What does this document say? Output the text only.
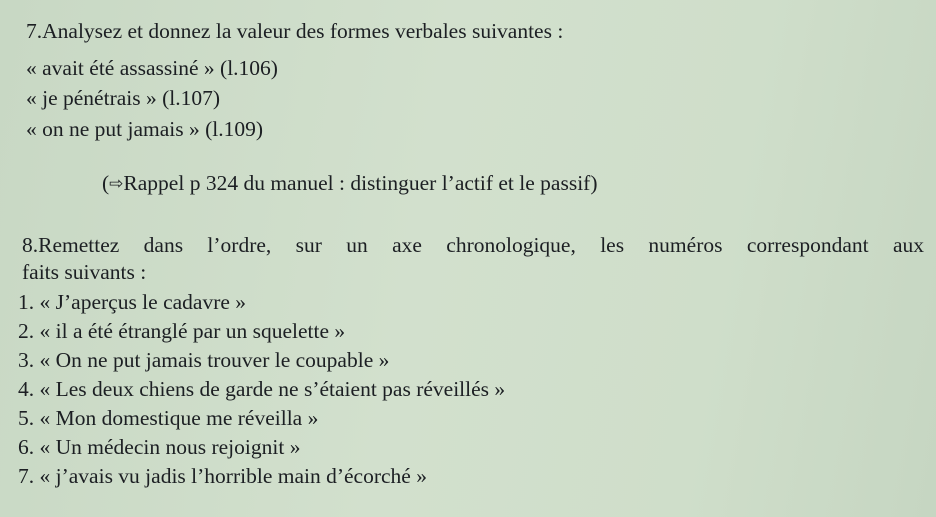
7.Analysez et donnez la valeur des formes verbales suivantes :
« avait été assassiné » (l.106)
« je pénétrais » (l.107)
« on ne put jamais » (l.109)
(⇨Rappel p 324 du manuel : distinguer l’actif et le passif)
8.Remettez dans l’ordre, sur un axe chronologique, les numéros correspondant aux
faits suivants :
1. « J’aperçus le cadavre »
2. « il a été étranglé par un squelette »
3. « On ne put jamais trouver le coupable »
4. « Les deux chiens de garde ne s’étaient pas réveillés »
5. « Mon domestique me réveilla »
6. « Un médecin nous rejoignit »
7. « j’avais vu jadis l’horrible main d’écorché »
